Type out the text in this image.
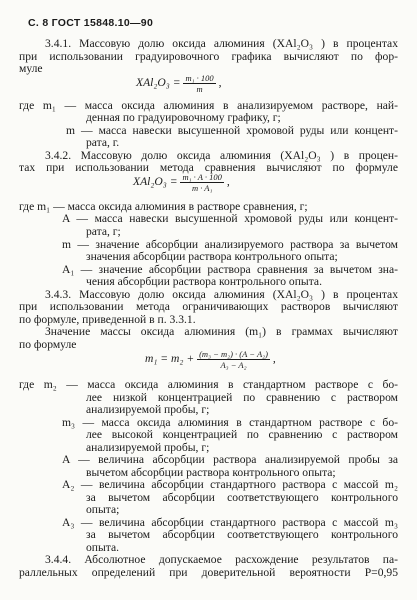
С. 8 ГОСТ 15848.10—90
3.4.1. Массовую долю оксида алюминия (XAl₂O₃ ) в процентах
при использовании градуировочного графика вычисляют по фор-
муле
$XAl_2O_3 = \frac{\text{m₁ · 100}}{m}$ ,
где m₁ — масса оксида алюминия в анализируемом растворе, най-
денная по градуировочному графику, г;
m — масса навески высушенной хромовой руды или концент-
рата, г.
3.4.2. Массовую долю оксида алюминия (XAl₂O₃ ) в процен-
тах при использовании метода сравнения вычисляют по формуле
$XAl_2O_3 = \frac{\text{m₁ · A · 100}}{\text{m · A₁}}$ ,
где m₁ — масса оксида алюминия в растворе сравнения, г;
A — масса навески высушенной хромовой руды или концент-
рата, г;
m — значение абсорбции анализируемого раствора за вычетом
значения абсорбции раствора контрольного опыта;
A₁ — значение абсорбции раствора сравнения за вычетом зна-
чения абсорбции раствора контрольного опыта.
3.4.3. Массовую долю оксида алюминия (XAl₂O₃ ) в процентах
при использовании метода ограничивающих растворов вычисляют
по формуле, приведенной в п. 3.3.1.
Значение массы оксида алюминия (m₁) в граммах вычисляют
по формуле
$m_1 = m_2 + \frac{\text{(m₃ − m₂) · (A − A₂)}}{\text{A₃ − A₂}}$ ,
где m₂ — масса оксида алюминия в стандартном растворе с бо-
лее низкой концентрацией по сравнению с раствором
анализируемой пробы, г;
m₃ — масса оксида алюминия в стандартном растворе с бо-
лее высокой концентрацией по сравнению с раствором
анализируемой пробы, г;
A — величина абсорбции раствора анализируемой пробы за
вычетом абсорбции раствора контрольного опыта;
A₂ — величина абсорбции стандартного раствора с массой m₂
за вычетом абсорбции соответствующего контрольного
опыта;
A₃ — величина абсорбции стандартного раствора с массой m₃
за вычетом абсорбции соответствующего контрольного
опыта.
3.4.4. Абсолютное допускаемое расхождение результатов па-
раллельных определений при доверительной вероятности P=0,95
